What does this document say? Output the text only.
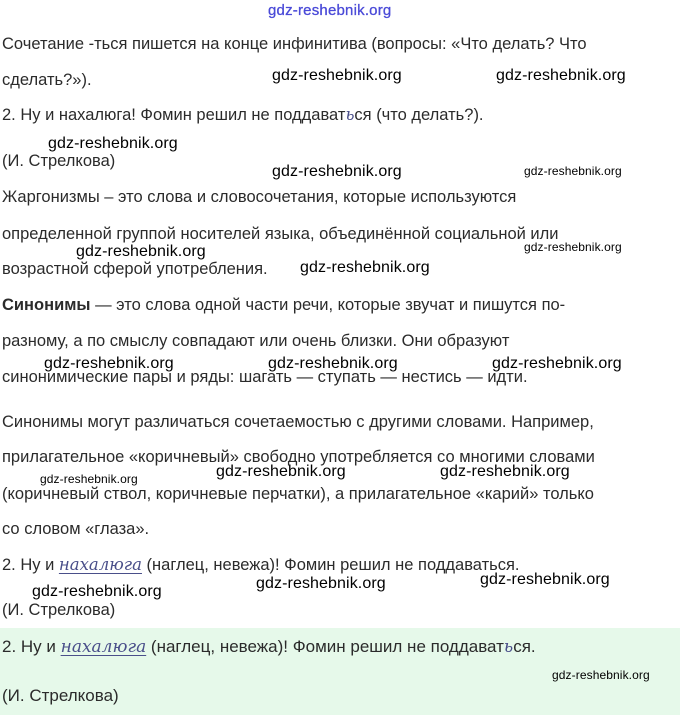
Сочетание -ться пишется на конце инфинитива (вопросы: «Что делать? Что
сделать?»).
2. Ну и нахалюга! Фомин решил не поддаваться (что делать?).
(И. Стрелкова)
Жаргонизмы – это слова и словосочетания, которые используются
определенной группой носителей языка, объединённой социальной или
возрастной сферой употребления.
Синонимы — это слова одной части речи, которые звучат и пишутся по-
разному, а по смыслу совпадают или очень близки. Они образуют
синонимические пары и ряды: шагать — ступать — нестись — идти.
Синонимы могут различаться сочетаемостью с другими словами. Например,
прилагательное «коричневый» свободно употребляется со многими словами
(коричневый ствол, коричневые перчатки), а прилагательное «карий» только
со словом «глаза».
2. Ну и нахалюга (наглец, невежа)! Фомин решил не поддаваться.
(И. Стрелкова)
2. Ну и нахалюга (наглец, невежа)! Фомин решил не поддаваться.
(И. Стрелкова)
gdz-reshebnik.org
gdz-reshebnik.org	gdz-reshebnik.org
gdz-reshebnik.org
gdz-reshebnik.org	gdz-reshebnik.org
gdz-reshebnik.org	gdz-reshebnik.org
gdz-reshebnik.org
gdz-reshebnik.org	gdz-reshebnik.org	gdz-reshebnik.org
gdz-reshebnik.org	gdz-reshebnik.org
gdz-reshebnik.org
gdz-reshebnik.org	gdz-reshebnik.org
gdz-reshebnik.org
gdz-reshebnik.org
